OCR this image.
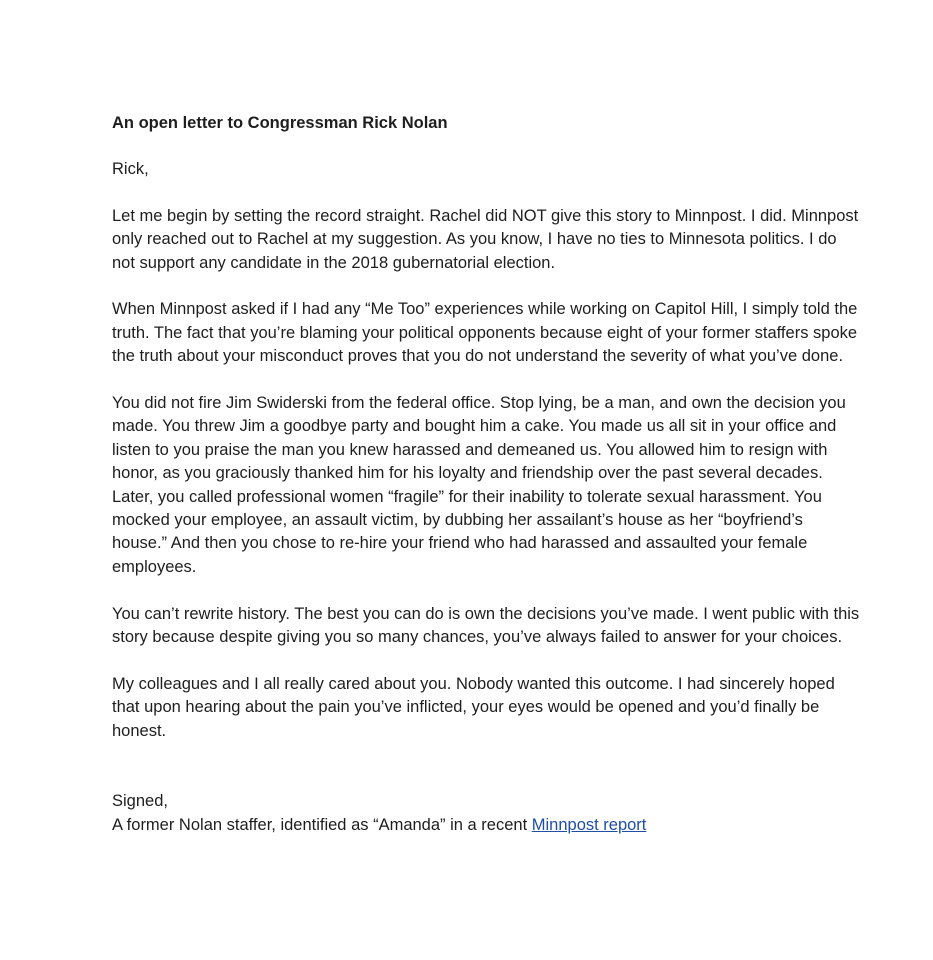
An open letter to Congressman Rick Nolan
Rick,

Let me begin by setting the record straight. Rachel did NOT give this story to Minnpost. I did. Minnpost only reached out to Rachel at my suggestion. As you know, I have no ties to Minnesota politics. I do not support any candidate in the 2018 gubernatorial election.

When Minnpost asked if I had any “Me Too” experiences while working on Capitol Hill, I simply told the truth. The fact that you’re blaming your political opponents because eight of your former staffers spoke the truth about your misconduct proves that you do not understand the severity of what you’ve done.

You did not fire Jim Swiderski from the federal office. Stop lying, be a man, and own the decision you made. You threw Jim a goodbye party and bought him a cake. You made us all sit in your office and listen to you praise the man you knew harassed and demeaned us. You allowed him to resign with honor, as you graciously thanked him for his loyalty and friendship over the past several decades. Later, you called professional women “fragile” for their inability to tolerate sexual harassment. You mocked your employee, an assault victim, by dubbing her assailant’s house as her “boyfriend’s house.” And then you chose to re-hire your friend who had harassed and assaulted your female employees.

You can’t rewrite history. The best you can do is own the decisions you’ve made. I went public with this story because despite giving you so many chances, you’ve always failed to answer for your choices.

My colleagues and I all really cared about you. Nobody wanted this outcome. I had sincerely hoped that upon hearing about the pain you’ve inflicted, your eyes would be opened and you’d finally be honest.

Signed,
A former Nolan staffer, identified as “Amanda” in a recent Minnpost report
